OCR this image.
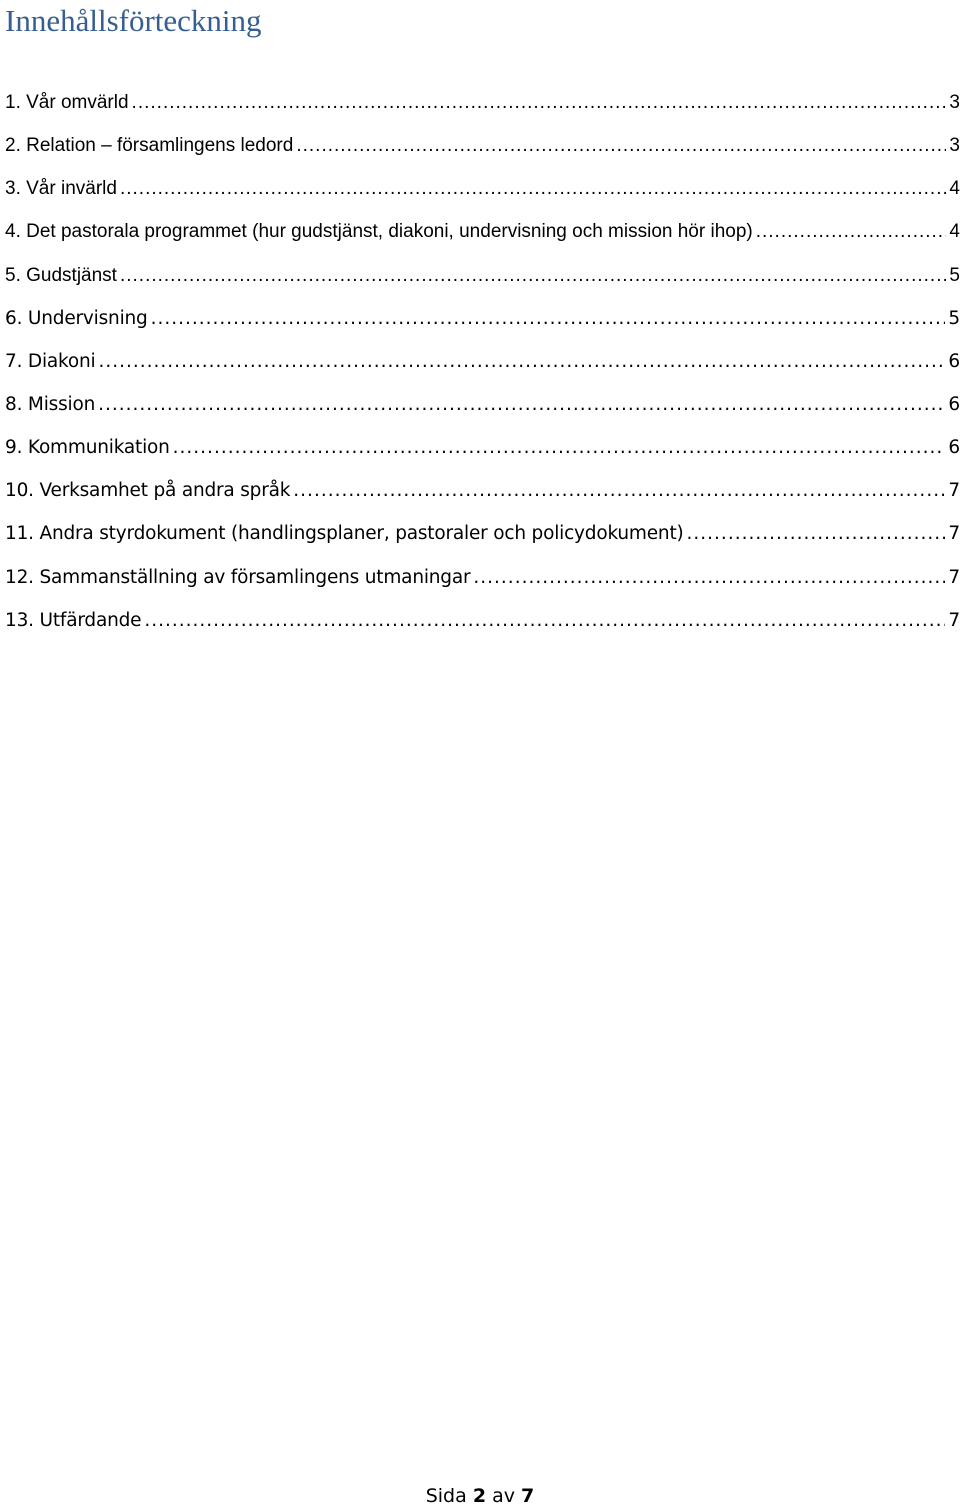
Innehållsförteckning
1. Vår omvärld .....	3
2. Relation – församlingens ledord .....	3
3. Vår invärld .....	4
4. Det pastorala programmet (hur gudstjänst, diakoni, undervisning och mission hör ihop) .....	4
5. Gudstjänst .....	5
6. Undervisning .....	5
7. Diakoni .....	6
8. Mission .....	6
9. Kommunikation .....	6
10. Verksamhet på andra språk .....	7
11. Andra styrdokument (handlingsplaner, pastoraler och policydokument) .....	7
12. Sammanställning av församlingens utmaningar .....	7
13. Utfärdande .....	7
Sida 2 av 7
